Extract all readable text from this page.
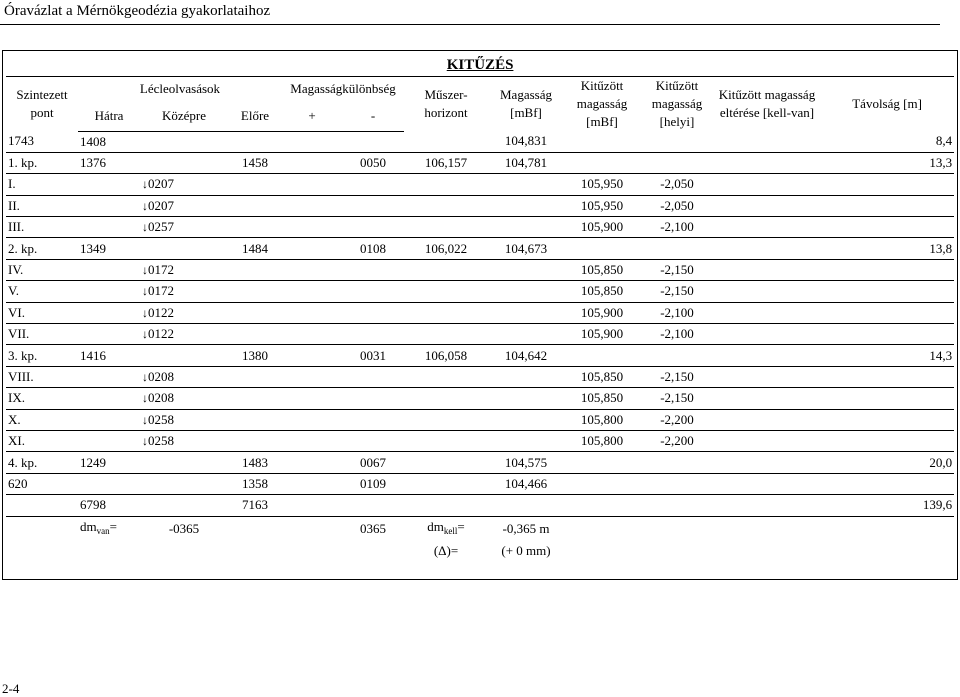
Óravázlat a Mérnökgeodézia gyakorlataihoz
KITŰZÉS											
Szintezett pont	Lécleolvasások			Magasságkülönbség		Műszer-horizont	Magasság [mBf]	Kitűzött magasság [mBf]	Kitűzött magasság [helyi]	Kitűzött magasság eltérése [kell-van]	Távolság [m]
	Hátra	Középre	Előre	+	-						
1743	1408						104,831				8,4
1. kp.	1376		1458		0050	106,157	104,781				13,3
I.		↓0207						105,950	-2,050		
II.		↓0207						105,950	-2,050		
III.		↓0257						105,900	-2,100		
2. kp.	1349		1484		0108	106,022	104,673				13,8
IV.		↓0172						105,850	-2,150		
V.		↓0172						105,850	-2,150		
VI.		↓0122						105,900	-2,100		
VII.		↓0122						105,900	-2,100		
3. kp.	1416		1380		0031	106,058	104,642				14,3
VIII.		↓0208						105,850	-2,150		
IX.		↓0208						105,850	-2,150		
X.		↓0258						105,800	-2,200		
XI.		↓0258						105,800	-2,200		
4. kp.	1249		1483		0067		104,575				20,0
620			1358		0109		104,466				
	6798		7163								139,6
	$dm_{van}=$	-0365			0365	$dm_{kell}=$	-0,365 m				
						(Δ)=	(+ 0 mm)				
2-4
